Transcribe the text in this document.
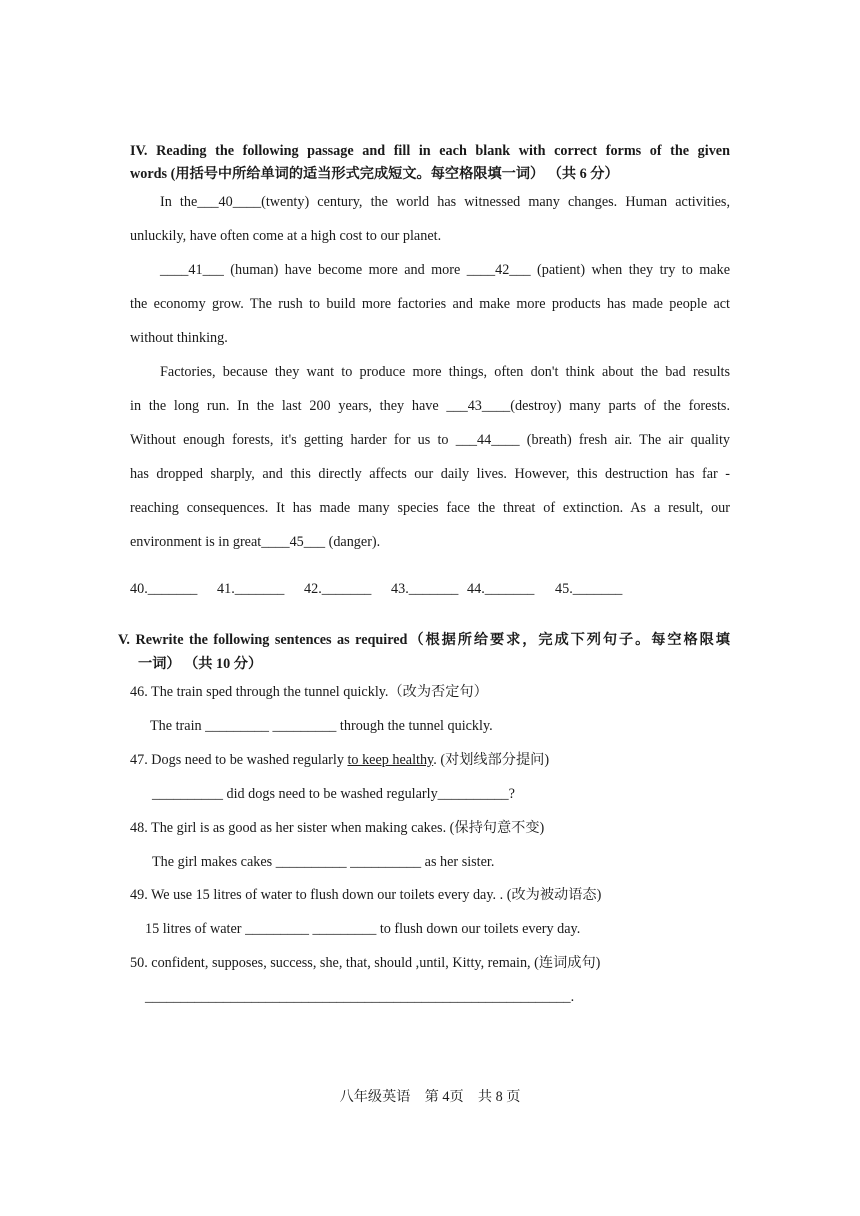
IV. Reading the following passage and fill in each blank with correct forms of the given
words (用括号中所给单词的适当形式完成短文。每空格限填一词） （共 6 分）
In the___40____(twenty) century, the world has witnessed many changes. Human activities,
unluckily, have often come at a high cost to our planet.
____41___ (human) have become more and more ____42___ (patient) when they try to make
the economy grow. The rush to build more factories and make more products has made people act
without thinking.
Factories, because they want to produce more things, often don't think about the bad results
in the long run. In the last 200 years, they have ___43____(destroy) many parts of the forests.
Without enough forests, it's getting harder for us to ___44____ (breath) fresh air. The air quality
has dropped sharply, and this directly affects our daily lives. However, this destruction has far -
reaching consequences. It has made many species face the threat of extinction. As a result, our
environment is in great____45___ (danger).
40._______ 41._______ 42._______ 43._______ 44._______ 45._______
V. Rewrite the following sentences as required（根据所给要求，完成下列句子。每空格限填
一词） （共 10 分）
46. The train sped through the tunnel quickly.（改为否定句）
The train _________ _________ through the tunnel quickly.
47. Dogs need to be washed regularly to keep healthy. (对划线部分提问)
__________ did dogs need to be washed regularly__________?
48. The girl is as good as her sister when making cakes. (保持句意不变)
The girl makes cakes __________ __________ as her sister.
49. We use 15 litres of water to flush down our toilets every day. . (改为被动语态)
15 litres of water _________ _________ to flush down our toilets every day.
50. confident, supposes, success, she, that, should ,until, Kitty, remain, (连词成句)
____________________________________________________________.
八年级英语    第 4页    共 8 页
